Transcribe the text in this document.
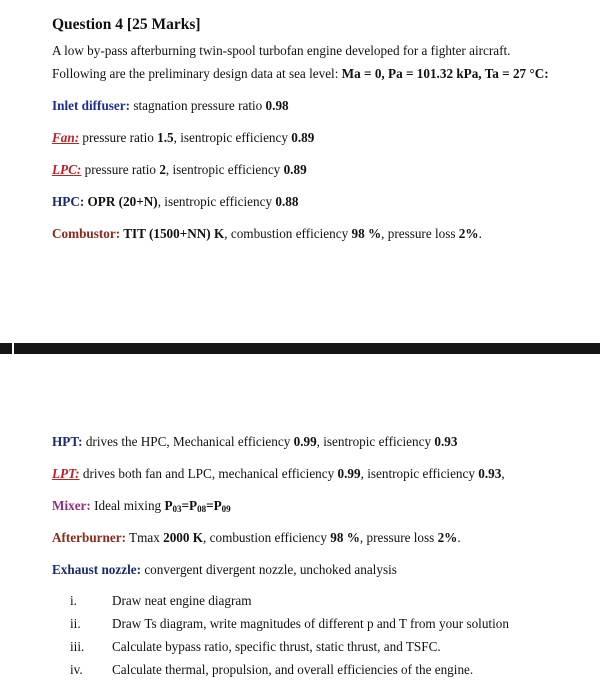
Question 4 [25 Marks]
A low by-pass afterburning twin-spool turbofan engine developed for a fighter aircraft.
Following are the preliminary design data at sea level: Ma = 0, Pa = 101.32 kPa, Ta = 27 °C:
Inlet diffuser: stagnation pressure ratio 0.98
Fan: pressure ratio 1.5, isentropic efficiency 0.89
LPC: pressure ratio 2, isentropic efficiency 0.89
HPC: OPR (20+N), isentropic efficiency 0.88
Combustor: TIT (1500+NN) K, combustion efficiency 98 %, pressure loss 2%.
HPT: drives the HPC, Mechanical efficiency 0.99, isentropic efficiency 0.93
LPT: drives both fan and LPC, mechanical efficiency 0.99, isentropic efficiency 0.93,
Mixer: Ideal mixing $P_{03}=P_{08}=P_{09}$
Afterburner: Tmax 2000 K, combustion efficiency 98 %, pressure loss 2%.
Exhaust nozzle: convergent divergent nozzle, unchoked analysis
i.	Draw neat engine diagram
ii.	Draw Ts diagram, write magnitudes of different p and T from your solution
iii.	Calculate bypass ratio, specific thrust, static thrust, and TSFC.
iv.	Calculate thermal, propulsion, and overall efficiencies of the engine.
